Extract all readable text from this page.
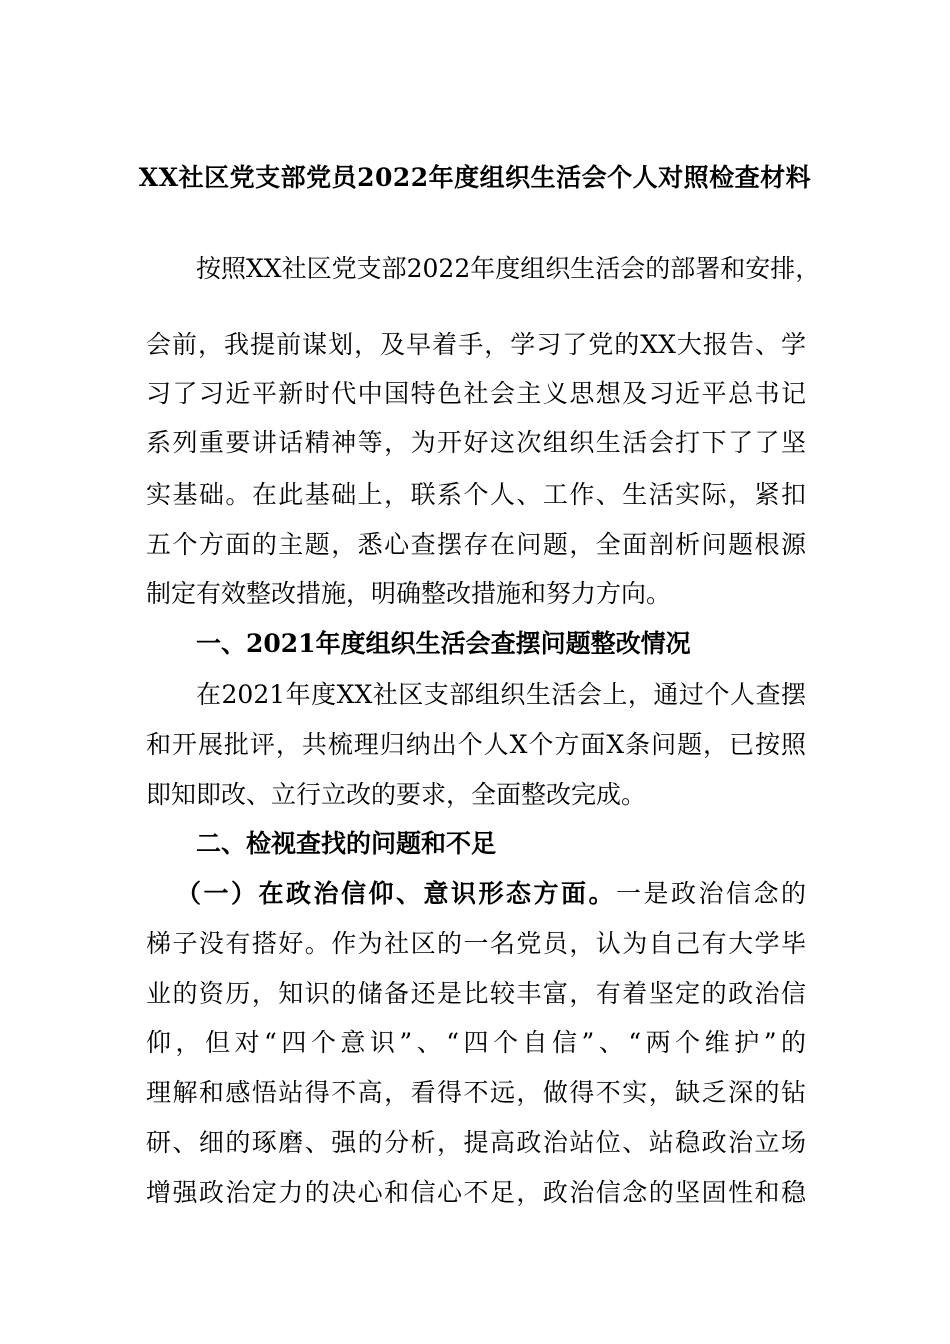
XX社区党支部党员2022年度组织生活会个人对照检查材料
按照XX社区党支部2022年度组织生活会的部署和安排，
会前，我提前谋划，及早着手，学习了党的XX大报告、学
习了习近平新时代中国特色社会主义思想及习近平总书记
系列重要讲话精神等，为开好这次组织生活会打下了了坚
实基础。在此基础上，联系个人、工作、生活实际，紧扣
五个方面的主题，悉心查摆存在问题，全面剖析问题根源
制定有效整改措施，明确整改措施和努力方向。
一、2021年度组织生活会查摆问题整改情况
在2021年度XX社区支部组织生活会上，通过个人查摆
和开展批评，共梳理归纳出个人X个方面X条问题，已按照
即知即改、立行立改的要求，全面整改完成。
二、检视查找的问题和不足
（一）在政治信仰、意识形态方面。一是政治信念的
梯子没有搭好。作为社区的一名党员，认为自己有大学毕
业的资历，知识的储备还是比较丰富，有着坚定的政治信
仰，但对“四个意识”、“四个自信”、“两个维护”的
理解和感悟站得不高，看得不远，做得不实，缺乏深的钻
研、细的琢磨、强的分析，提高政治站位、站稳政治立场
增强政治定力的决心和信心不足，政治信念的坚固性和稳
